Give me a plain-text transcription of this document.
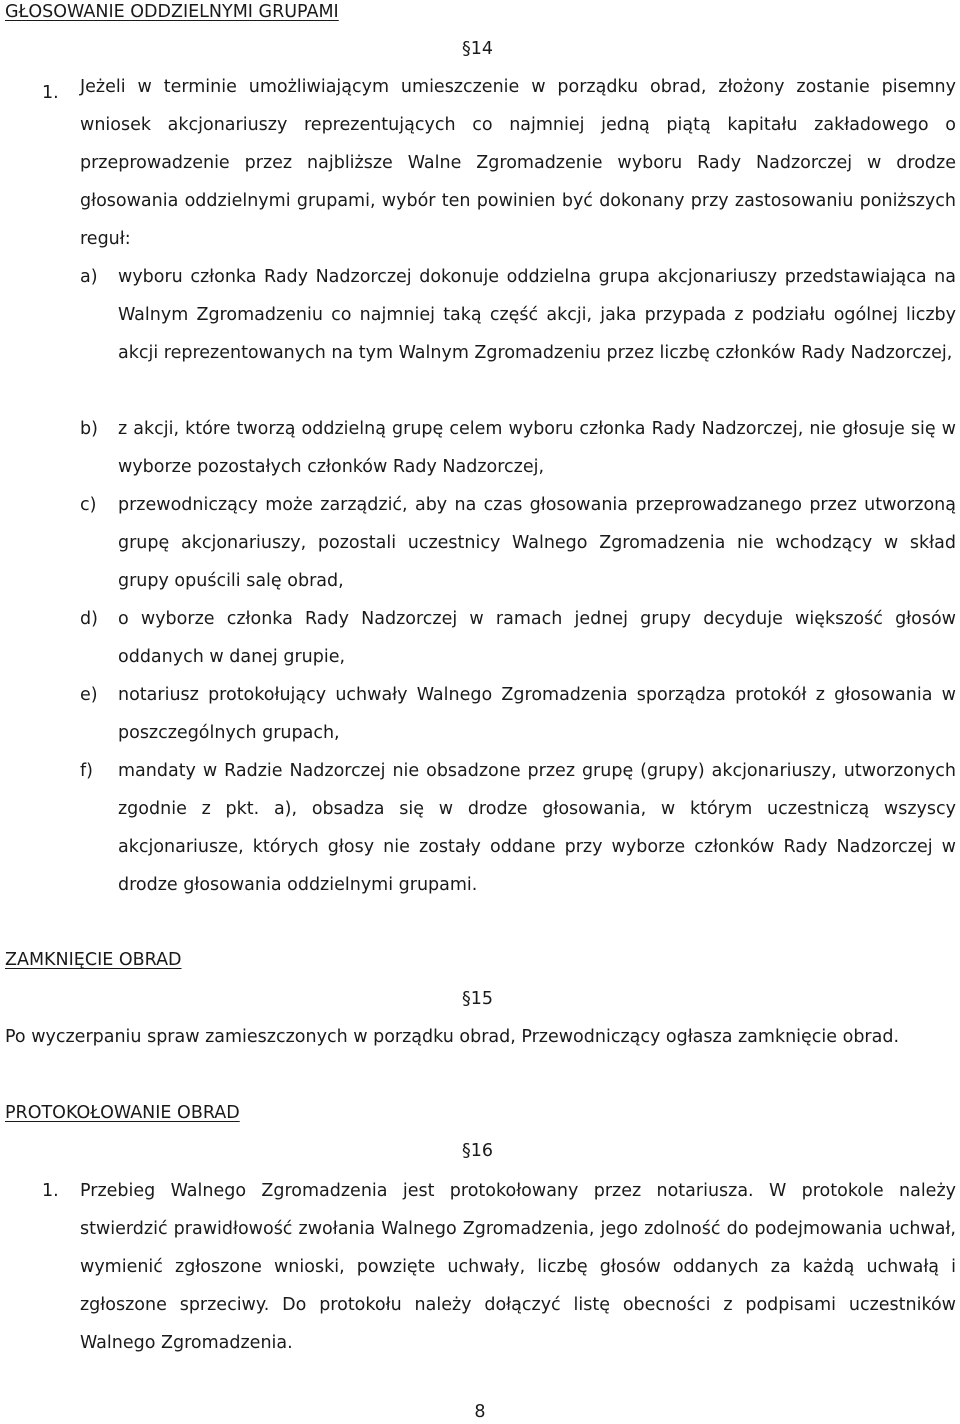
GŁOSOWANIE ODDZIELNYMI GRUPAMI
§14
1. Jeżeli w terminie umożliwiającym umieszczenie w porządku obrad, złożony zostanie pisemny wniosek akcjonariuszy reprezentujących co najmniej jedną piątą kapitału zakładowego o przeprowadzenie przez najbliższe Walne Zgromadzenie wyboru Rady Nadzorczej w drodze głosowania oddzielnymi grupami, wybór ten powinien być dokonany przy zastosowaniu poniższych reguł:
a) wyboru członka Rady Nadzorczej dokonuje oddzielna grupa akcjonariuszy przedstawiająca na Walnym Zgromadzeniu co najmniej taką część akcji, jaka przypada z podziału ogólnej liczby akcji reprezentowanych na tym Walnym Zgromadzeniu przez liczbę członków Rady Nadzorczej,
b) z akcji, które tworzą oddzielną grupę celem wyboru członka Rady Nadzorczej, nie głosuje się w wyborze pozostałych członków Rady Nadzorczej,
c) przewodniczący może zarządzić, aby na czas głosowania przeprowadzanego przez utworzoną grupę akcjonariuszy, pozostali uczestnicy Walnego Zgromadzenia nie wchodzący w skład grupy opuścili salę obrad,
d) o wyborze członka Rady Nadzorczej w ramach jednej grupy decyduje większość głosów oddanych w danej grupie,
e) notariusz protokołujący uchwały Walnego Zgromadzenia sporządza protokół z głosowania w poszczególnych grupach,
f) mandaty w Radzie Nadzorczej nie obsadzone przez grupę (grupy) akcjonariuszy, utworzonych zgodnie z pkt. a), obsadza się w drodze głosowania, w którym uczestniczą wszyscy akcjonariusze, których głosy nie zostały oddane przy wyborze członków Rady Nadzorczej w drodze głosowania oddzielnymi grupami.
ZAMKNIĘCIE OBRAD
§15
Po wyczerpaniu spraw zamieszczonych w porządku obrad, Przewodniczący ogłasza zamknięcie obrad.
PROTOKOŁOWANIE OBRAD
§16
1. Przebieg Walnego Zgromadzenia jest protokołowany przez notariusza. W protokole należy stwierdzić prawidłowość zwołania Walnego Zgromadzenia, jego zdolność do podejmowania uchwał, wymienić zgłoszone wnioski, powzięte uchwały, liczbę głosów oddanych za każdą uchwałą i zgłoszone sprzeciwy. Do protokołu należy dołączyć listę obecności z podpisami uczestników Walnego Zgromadzenia.
8
